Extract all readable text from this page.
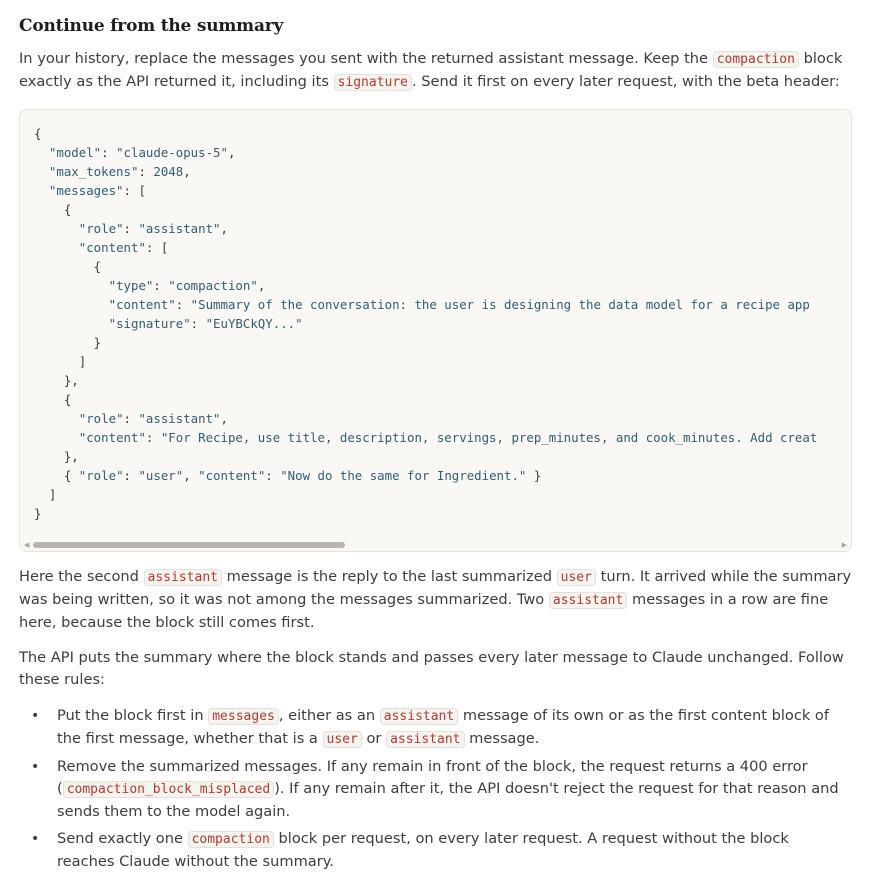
Continue from the summary

In your history, replace the messages you sent with the returned assistant message. Keep the compaction block exactly as the API returned it, including its signature . Send it first on every later request, with the beta header:

{
"model": "claude-opus-5",
"max_tokens": 2048,
"messages": [
{
"role": "assistant",
"content": [
{
"type": "compaction",
"content": "Summary of the conversation: the user is designing the data model for a recipe app
"signature": "EuYBCkQY..."
}
]
},
{
"role": "assistant",
"content": "For Recipe, use title, description, servings, prep_minutes, and cook_minutes. Add creat
},
{ "role": "user", "content": "Now do the same for Ingredient." }
]
}
◀	▶

Here the second assistant message is the reply to the last summarized user turn. It arrived while the summary was being written, so it was not among the messages summarized. Two assistant messages in a row are fine here, because the block still comes first.

The API puts the summary where the block stands and passes every later message to Claude unchanged. Follow these rules:

• Put the block first in messages , either as an assistant message of its own or as the first content block of the first message, whether that is a user or assistant message.
• Remove the summarized messages. If any remain in front of the block, the request returns a 400 error ( compaction_block_misplaced ). If any remain after it, the API doesn't reject the request for that reason and sends them to the model again.
• Send exactly one compaction block per request, on every later request. A request without the block reaches Claude without the summary.
